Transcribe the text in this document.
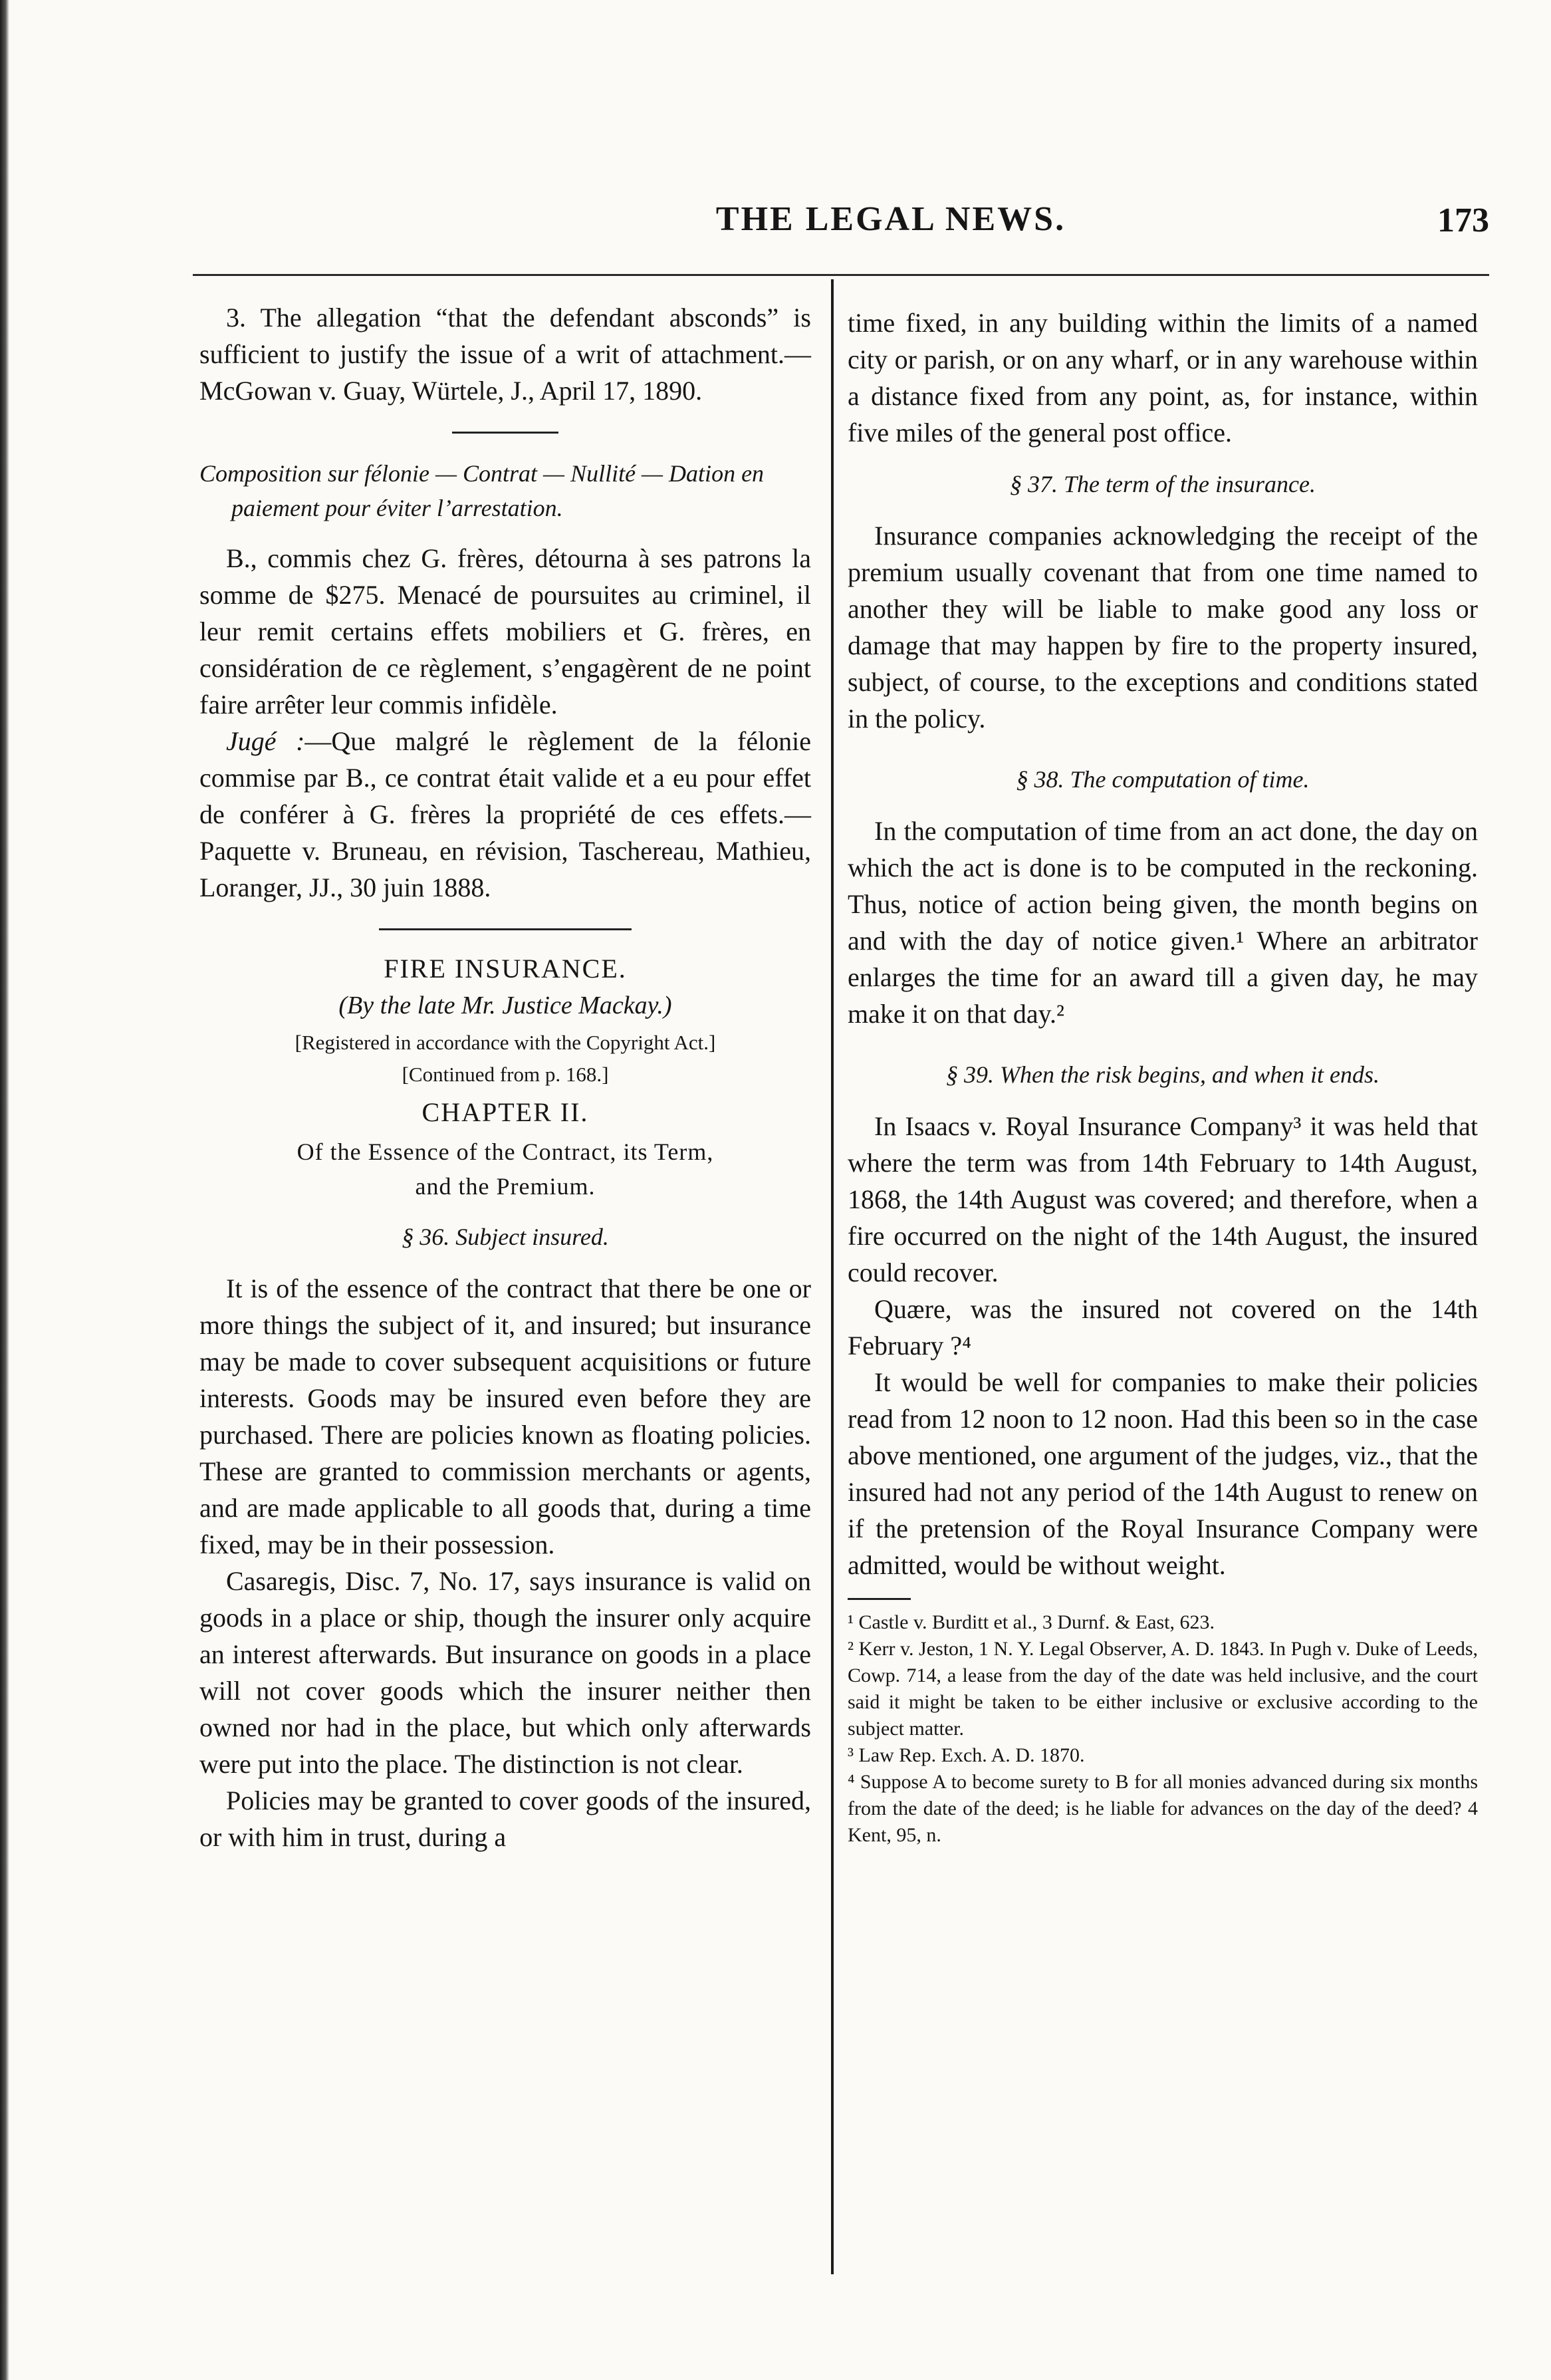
THE LEGAL NEWS.	173

3. The allegation “that the defendant absconds” is sufficient to justify the issue of a writ of attachment.—McGowan v. Guay, Würtele, J., April 17, 1890.

Composition sur félonie — Contrat — Nullité — Dation en paiement pour éviter l’arrestation.

B., commis chez G. frères, détourna à ses patrons la somme de $275. Menacé de poursuites au criminel, il leur remit certains effets mobiliers et G. frères, en considération de ce règlement, s’engagèrent de ne point faire arrêter leur commis infidèle.

Jugé :—Que malgré le règlement de la félonie commise par B., ce contrat était valide et a eu pour effet de conférer à G. frères la propriété de ces effets.—Paquette v. Bruneau, en révision, Taschereau, Mathieu, Loranger, JJ., 30 juin 1888.

FIRE INSURANCE.

(By the late Mr. Justice Mackay.)

[Registered in accordance with the Copyright Act.]

[Continued from p. 168.]

CHAPTER II.

Of the Essence of the Contract, its Term,

and the Premium.

§ 36. Subject insured.

It is of the essence of the contract that there be one or more things the subject of it, and insured; but insurance may be made to cover subsequent acquisitions or future interests. Goods may be insured even before they are purchased. There are policies known as floating policies. These are granted to commission merchants or agents, and are made applicable to all goods that, during a time fixed, may be in their possession.

Casaregis, Disc. 7, No. 17, says insurance is valid on goods in a place or ship, though the insurer only acquire an interest afterwards. But insurance on goods in a place will not cover goods which the insurer neither then owned nor had in the place, but which only afterwards were put into the place. The distinction is not clear.

Policies may be granted to cover goods of the insured, or with him in trust, during a

time fixed, in any building within the limits of a named city or parish, or on any wharf, or in any warehouse within a distance fixed from any point, as, for instance, within five miles of the general post office.

§ 37. The term of the insurance.

Insurance companies acknowledging the receipt of the premium usually covenant that from one time named to another they will be liable to make good any loss or damage that may happen by fire to the property insured, subject, of course, to the exceptions and conditions stated in the policy.

§ 38. The computation of time.

In the computation of time from an act done, the day on which the act is done is to be computed in the reckoning. Thus, notice of action being given, the month begins on and with the day of notice given.¹ Where an arbitrator enlarges the time for an award till a given day, he may make it on that day.²

§ 39. When the risk begins, and when it ends.

In Isaacs v. Royal Insurance Company³ it was held that where the term was from 14th February to 14th August, 1868, the 14th August was covered; and therefore, when a fire occurred on the night of the 14th August, the insured could recover.

Quære, was the insured not covered on the 14th February ?⁴

It would be well for companies to make their policies read from 12 noon to 12 noon. Had this been so in the case above mentioned, one argument of the judges, viz., that the insured had not any period of the 14th August to renew on if the pretension of the Royal Insurance Company were admitted, would be without weight.

¹ Castle v. Burditt et al., 3 Durnf. & East, 623.

² Kerr v. Jeston, 1 N. Y. Legal Observer, A. D. 1843. In Pugh v. Duke of Leeds, Cowp. 714, a lease from the day of the date was held inclusive, and the court said it might be taken to be either inclusive or exclusive according to the subject matter.

³ Law Rep. Exch. A. D. 1870.

⁴ Suppose A to become surety to B for all monies advanced during six months from the date of the deed; is he liable for advances on the day of the deed? 4 Kent, 95, n.
